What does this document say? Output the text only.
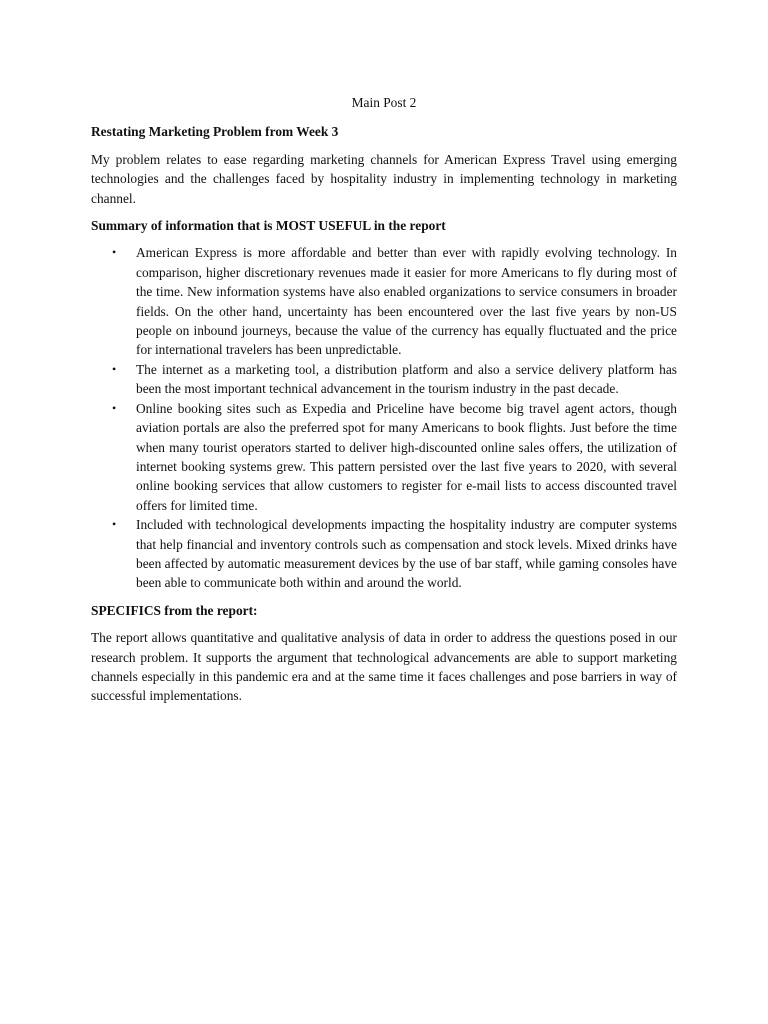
Main Post 2
Restating Marketing Problem from Week 3
My problem relates to ease regarding marketing channels for American Express Travel using emerging technologies and the challenges faced by hospitality industry in implementing technology in marketing channel.
Summary of information that is MOST USEFUL in the report
• American Express is more affordable and better than ever with rapidly evolving technology. In comparison, higher discretionary revenues made it easier for more Americans to fly during most of the time. New information systems have also enabled organizations to service consumers in broader fields. On the other hand, uncertainty has been encountered over the last five years by non-US people on inbound journeys, because the value of the currency has equally fluctuated and the price for international travelers has been unpredictable.
• The internet as a marketing tool, a distribution platform and also a service delivery platform has been the most important technical advancement in the tourism industry in the past decade.
• Online booking sites such as Expedia and Priceline have become big travel agent actors, though aviation portals are also the preferred spot for many Americans to book flights. Just before the time when many tourist operators started to deliver high-discounted online sales offers, the utilization of internet booking systems grew. This pattern persisted over the last five years to 2020, with several online booking services that allow customers to register for e-mail lists to access discounted travel offers for limited time.
• Included with technological developments impacting the hospitality industry are computer systems that help financial and inventory controls such as compensation and stock levels. Mixed drinks have been affected by automatic measurement devices by the use of bar staff, while gaming consoles have been able to communicate both within and around the world.
SPECIFICS from the report:
The report allows quantitative and qualitative analysis of data in order to address the questions posed in our research problem. It supports the argument that technological advancements are able to support marketing channels especially in this pandemic era and at the same time it faces challenges and pose barriers in way of successful implementations.
